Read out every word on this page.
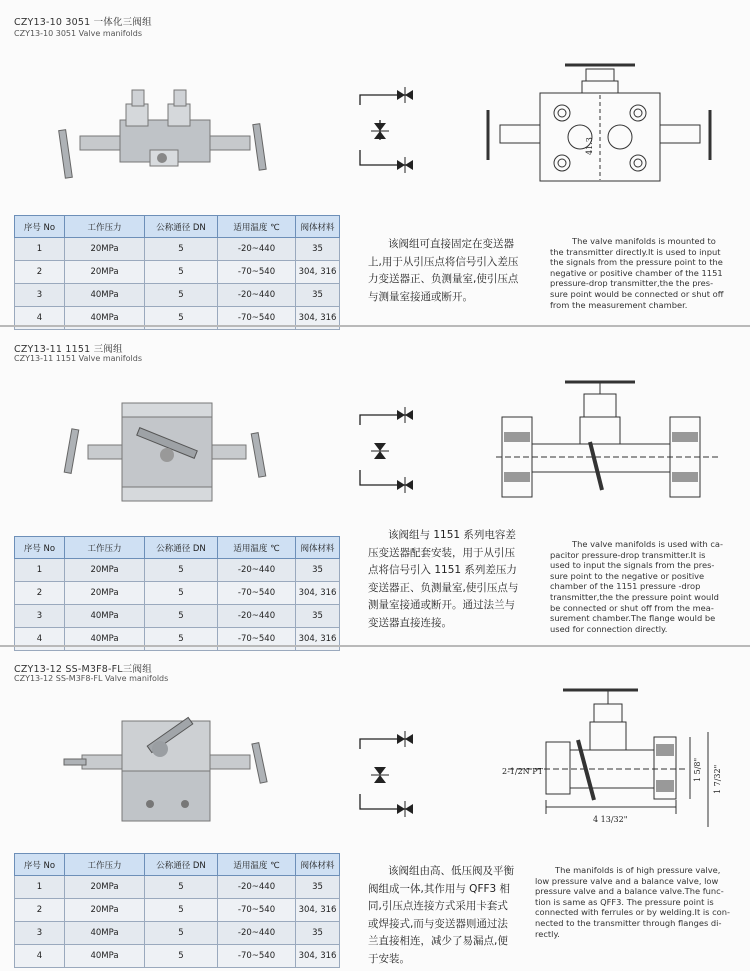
CZY13-10 3051 一体化三阀组
CZY13-10 3051 Valve manifolds
41.3
序号 No	工作压力	公称通径 DN	适用温度 ℃	阀体材料
1	20MPa	5	-20~440	35
2	20MPa	5	-70~540	304, 316
3	40MPa	5	-20~440	35
4	40MPa	5	-70~540	304, 316
该阀组可直接固定在变送器
上,用于从引压点将信号引入差压
力变送器正、负测量室,使引压点
与测量室接通或断开。
The valve manifolds is mounted to
the transmitter directly.It is used to input
the signals from the pressure point to the
negative or positive chamber of the 1151
pressure-drop transmitter,the the pres-
sure point would be connected or shut off
from the measurement chamber.
CZY13-11 1151 三阀组
CZY13-11 1151 Valve manifolds
序号 No	工作压力	公称通径 DN	适用温度 ℃	阀体材料
1	20MPa	5	-20~440	35
2	20MPa	5	-70~540	304, 316
3	40MPa	5	-20~440	35
4	40MPa	5	-70~540	304, 316
该阀组与 1151 系列电容差
压变送器配套安装，用于从引压
点将信号引入 1151 系列差压力
变送器正、负测量室,使引压点与
测量室接通或断开。通过法兰与
变送器直接连接。
The valve manifolds is used with ca-
pacitor pressure-drop transmitter.It is
used to input the signals from the pres-
sure point to the negative or positive
chamber of the 1151 pressure -drop
transmitter,the the pressure point would
be connected or shut off from the mea-
surement chamber.The flange would be
used for connection directly.
CZY13-12 SS-M3F8-FL三阀组
CZY13-12 SS-M3F8-FL Valve manifolds
2-1/2N PT
4 13/32"
1 5/8" 1 7/32"
序号 No	工作压力	公称通径 DN	适用温度 ℃	阀体材料
1	20MPa	5	-20~440	35
2	20MPa	5	-70~540	304, 316
3	40MPa	5	-20~440	35
4	40MPa	5	-70~540	304, 316
该阀组由高、低压阀及平衡
阀组成一体,其作用与 QFF3 相
同,引压点连接方式采用卡套式
或焊接式,而与变送器则通过法
兰直接相连，减少了易漏点,便
于安装。
The manifolds is of high pressure valve,
low pressure valve and a balance valve, low
pressure valve and a balance valve.The func-
tion is same as QFF3. The pressure point is
connected with ferrules or by welding.It is con-
nected to the transmitter through flanges di-
rectly.
